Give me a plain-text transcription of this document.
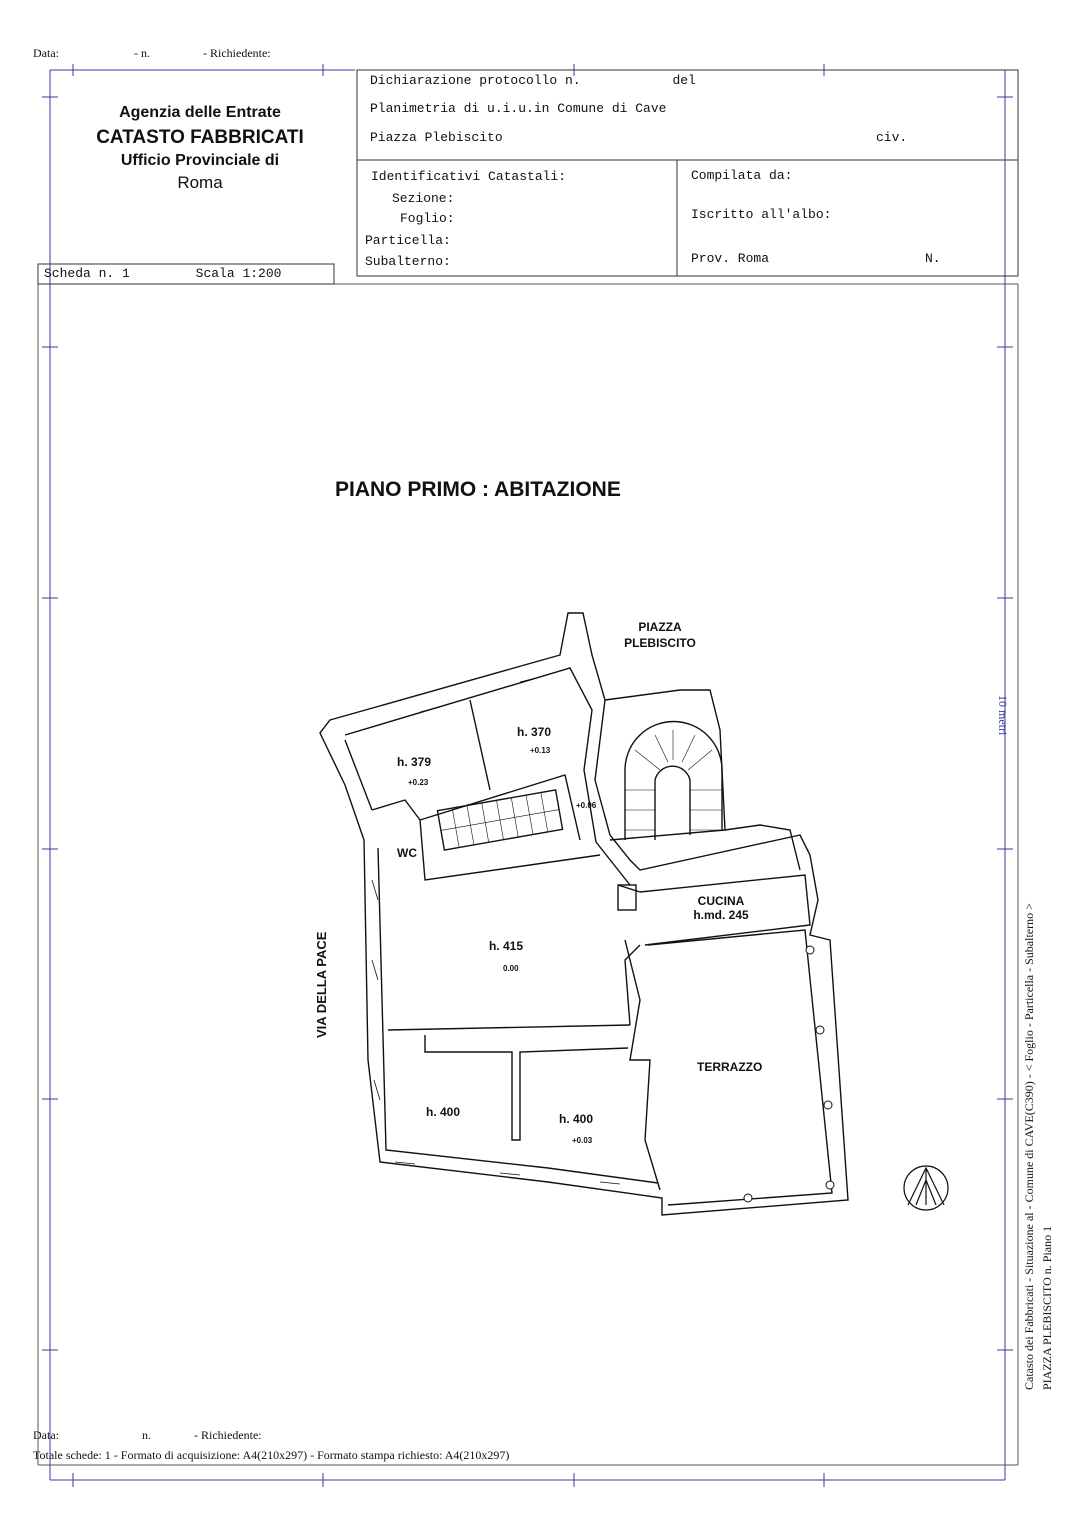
Data:	- n.	- Richiedente:
Agenzia delle Entrate
CATASTO FABBRICATI
Ufficio Provinciale di
Roma
Scheda n. 1	Scala 1:200
Dichiarazione protocollo n.	del
Planimetria di u.i.u.in Comune di Cave
Piazza Plebiscito	civ.
Identificativi Catastali:
Sezione:
Foglio:
Particella:
Subalterno:
Compilata da:
Iscritto all'albo:
Prov. Roma	N.
PIANO PRIMO : ABITAZIONE
PIAZZA
PLEBISCITO
VIA DELLA PACE
h. 379
+0.23
h. 370
+0.13
+0.06
WC
CUCINA
h.md. 245
h. 415
0.00
TERRAZZO
h. 400	h. 400
+0.03
10 metri
Catasto dei Fabbricati - Situazione al - Comune di CAVE(C390) - < Foglio - Particella - Subalterno > PIAZZA PLEBISCITO n. Piano 1
Data:	n.	- Richiedente:
Totale schede: 1 - Formato di acquisizione: A4(210x297) - Formato stampa richiesto: A4(210x297)
